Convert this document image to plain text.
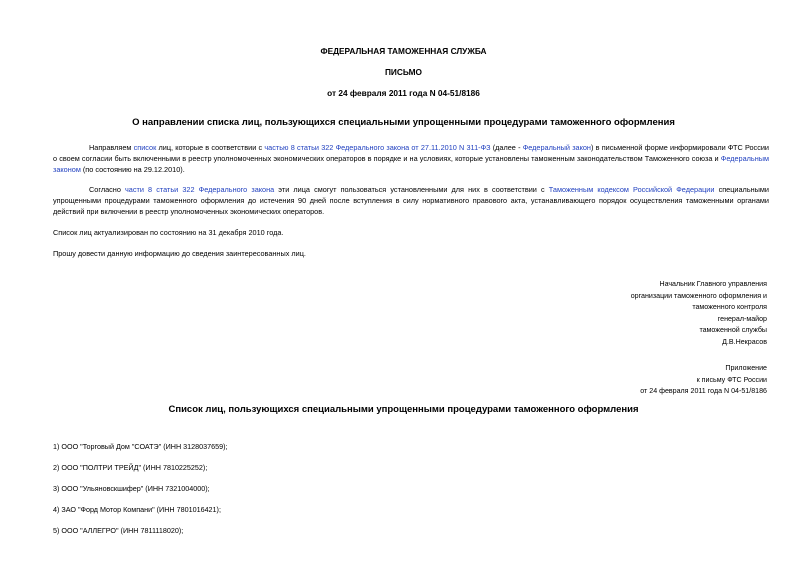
ФЕДЕРАЛЬНАЯ ТАМОЖЕННАЯ СЛУЖБА
ПИСЬМО
от 24 февраля 2011 года N 04-51/8186
О направлении списка лиц, пользующихся специальными упрощенными процедурами таможенного оформления
Направляем список лиц, которые в соответствии с частью 8 статьи 322 Федерального закона от 27.11.2010 N 311-ФЗ (далее - Федеральный закон) в письменной форме информировали ФТС России о своем согласии быть включенными в реестр уполномоченных экономических операторов в порядке и на условиях, которые установлены таможенным законодательством Таможенного союза и Федеральным законом (по состоянию на 29.12.2010).
Согласно части 8 статьи 322 Федерального закона эти лица смогут пользоваться установленными для них в соответствии с Таможенным кодексом Российской Федерации специальными упрощенными процедурами таможенного оформления до истечения 90 дней после вступления в силу нормативного правового акта, устанавливающего порядок осуществления таможенными органами действий при включении в реестр уполномоченных экономических операторов.
Список лиц актуализирован по состоянию на 31 декабря 2010 года.
Прошу довести данную информацию до сведения заинтересованных лиц.
Начальник Главного управления
организации таможенного оформления и
таможенного контроля
генерал-майор
таможенной службы
Д.В.Некрасов
Приложение
к письму ФТС России
от 24 февраля 2011 года N 04-51/8186
Список лиц, пользующихся специальными упрощенными процедурами таможенного оформления
1) ООО "Торговый Дом "СОАТЭ" (ИНН 3128037659);
2) ООО "ПОЛТРИ ТРЕЙД" (ИНН 7810225252);
3) ООО "Ульяновскшифер" (ИНН 7321004000);
4) ЗАО "Форд Мотор Компани" (ИНН 7801016421);
5) ООО "АЛЛЕГРО" (ИНН 7811118020);
